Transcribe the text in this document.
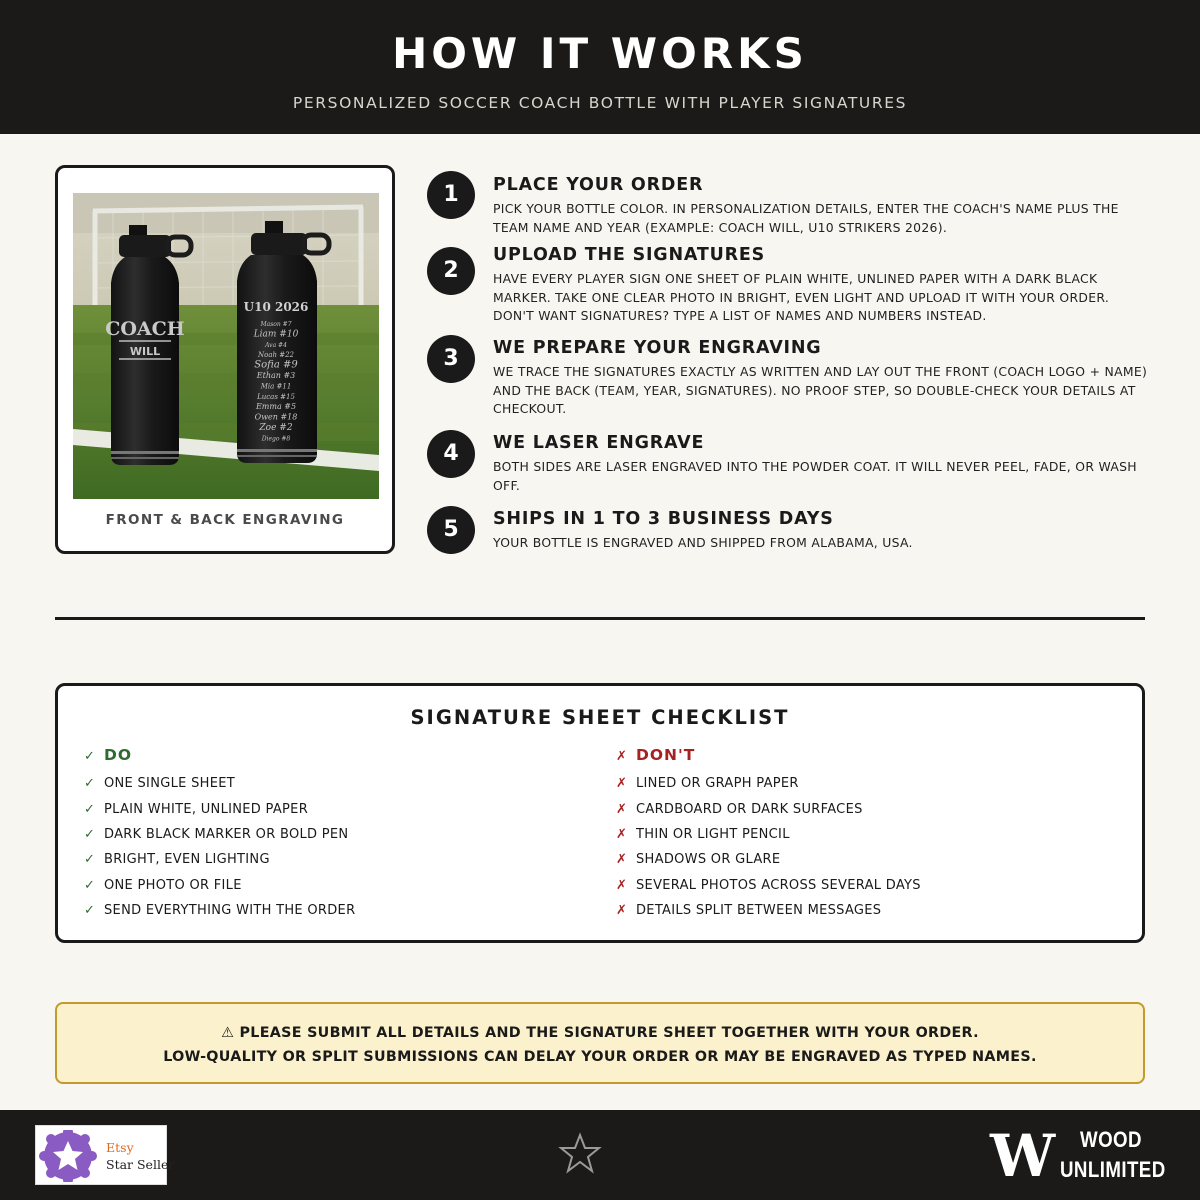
HOW IT WORKS
PERSONALIZED SOCCER COACH BOTTLE WITH PLAYER SIGNATURES
COACH
WILL
U10 2026
Mason #7
Liam #10
Ava #4
Noah #22
Sofia #9
Ethan #3
Mia #11
Lucas #15
Emma #5
Owen #18
Zoe #2
Diego #8
FRONT & BACK ENGRAVING
1	PLACE YOUR ORDER
PICK YOUR BOTTLE COLOR. IN PERSONALIZATION DETAILS, ENTER THE COACH'S NAME PLUS THE TEAM NAME AND YEAR (EXAMPLE: COACH WILL, U10 STRIKERS 2026).
2
UPLOAD THE SIGNATURES
HAVE EVERY PLAYER SIGN ONE SHEET OF PLAIN WHITE, UNLINED PAPER WITH A DARK BLACK MARKER. TAKE ONE CLEAR PHOTO IN BRIGHT, EVEN LIGHT AND UPLOAD IT WITH YOUR ORDER. DON'T WANT SIGNATURES? TYPE A LIST OF NAMES AND NUMBERS INSTEAD.
3	WE PREPARE YOUR ENGRAVING
WE TRACE THE SIGNATURES EXACTLY AS WRITTEN AND LAY OUT THE FRONT (COACH LOGO + NAME) AND THE BACK (TEAM, YEAR, SIGNATURES). NO PROOF STEP, SO DOUBLE-CHECK YOUR DETAILS AT CHECKOUT.
4	WE LASER ENGRAVE
BOTH SIDES ARE LASER ENGRAVED INTO THE POWDER COAT. IT WILL NEVER PEEL, FADE, OR WASH OFF.
5	SHIPS IN 1 TO 3 BUSINESS DAYS
YOUR BOTTLE IS ENGRAVED AND SHIPPED FROM ALABAMA, USA.
SIGNATURE SHEET CHECKLIST
✓ DO
✓ ONE SINGLE SHEET
✓ PLAIN WHITE, UNLINED PAPER
✓ DARK BLACK MARKER OR BOLD PEN
✓ BRIGHT, EVEN LIGHTING
✓ ONE PHOTO OR FILE
✓ SEND EVERYTHING WITH THE ORDER
✗ DON'T
✗ LINED OR GRAPH PAPER
✗ CARDBOARD OR DARK SURFACES
✗ THIN OR LIGHT PENCIL
✗ SHADOWS OR GLARE
✗ SEVERAL PHOTOS ACROSS SEVERAL DAYS
✗ DETAILS SPLIT BETWEEN MESSAGES

⚠ PLEASE SUBMIT ALL DETAILS AND THE SIGNATURE SHEET TOGETHER WITH YOUR ORDER.

LOW-QUALITY OR SPLIT SUBMISSIONS CAN DELAY YOUR ORDER OR MAY BE ENGRAVED AS TYPED NAMES.

Etsy
Star Seller	W WOOD
UNLIMITED
